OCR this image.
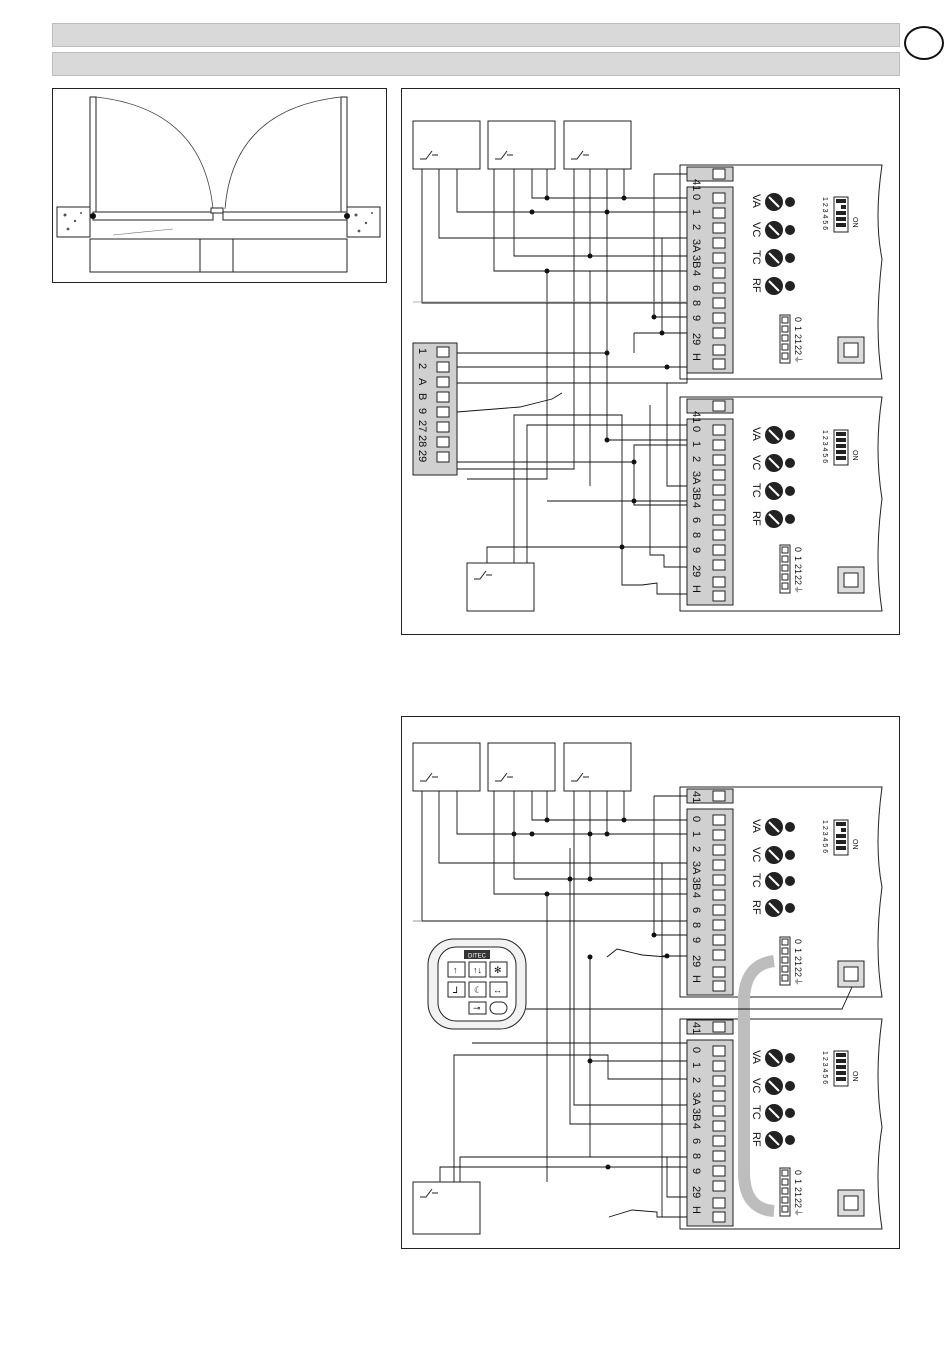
41
0
1
2
3A
3B
4
6
8
9
29
H
41
0
1
2
3A
3B
4
6
8
9
29
H
VA
VC
TC
RF
VA
VC
TC
RF
1 2 3 4 5 6	ON
1 2 3 4 5 6	ON
0
1
21
22
⏚
0
1
21
22
⏚
1
2
A
B
9
27
28
29
41
0
1
2
3A
3B
4
6
8
9
29
H
41
0
1
2
3A
3B
4
6
8
9
29
H
VA
VC
TC
RF
VA
VC
TC
RF
1 2 3 4 5 6	ON
1 2 3 4 5 6	ON
0
1
21
22
⏚
0
1
21
22
⏚
DITEC
↑ ↑↓ ✻
⅃ ☾ ↔
⊸
